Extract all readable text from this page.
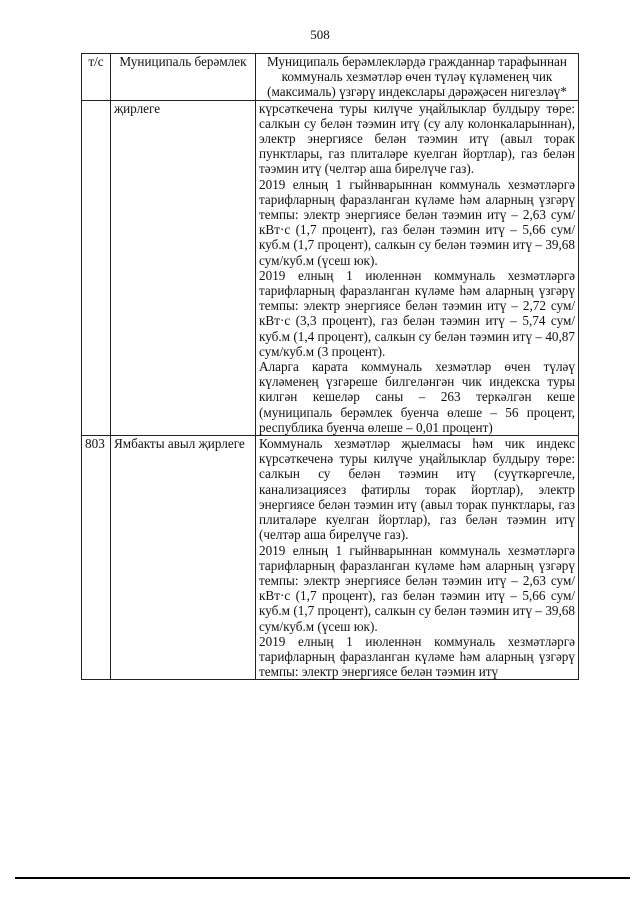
508
т/с	Муниципаль берәмлек	Муниципаль берәмлекләрдә гражданнар тарафыннан коммуналь хезмәтләр өчен түләү күләменең чик (максималь) үзгәрү индекслары дәрәҗәсен нигезләү*
	җирлеге	күрсәткечена туры килүче уңайлыклар булдыру төре: салкын су белән тәэмин итү (су алу колонкаларыннан), электр энергиясе белән тәэмин итү (авыл торак пунктлары, газ плиталәре куелган йортлар), газ белән тәэмин итү (челтәр аша бирелүче газ).

2019 елның 1 гыйнварыннан коммуналь хезмәтләргә тарифларның фаразланган күләме һәм аларның үзгәрү темпы: электр энергиясе белән тәэмин итү – 2,63 сум/кВт·с (1,7 процент), газ белән тәэмин итү – 5,66 сум/куб.м (1,7 процент), салкын су белән тәэмин итү – 39,68 сум/куб.м (үсеш юк).

2019 елның 1 июленнән коммуналь хезмәтләргә тарифларның фаразланган күләме һәм аларның үзгәрү темпы: электр энергиясе белән тәэмин итү – 2,72 сум/кВт·с (3,3 процент), газ белән тәэмин итү – 5,74 сум/куб.м (1,4 процент), салкын су белән тәэмин итү – 40,87 сум/куб.м (3 процент).

Аларга карата коммуналь хезмәтләр өчен түләү күләменең үзгәреше билгеләнгән чик индекска туры килгән кешеләр саны – 263 теркәлгән кеше (муниципаль берәмлек буенча өлеше – 56 процент, республика буенча өлеше – 0,01 процент)

803	Ямбакты авыл җирлеге	Коммуналь хезмәтләр җыелмасы һәм чик индекс күрсәткеченә туры килүче уңайлыклар булдыру төре: салкын су белән тәэмин итү (суүткәргечле, канализациясез фатирлы торак йортлар), электр энергиясе белән тәэмин итү (авыл торак пунктлары, газ плиталәре куелган йортлар), газ белән тәэмин итү (челтәр аша бирелүче газ).

2019 елның 1 гыйнварыннан коммуналь хезмәтләргә тарифларның фаразланган күләме һәм аларның үзгәрү темпы: электр энергиясе белән тәэмин итү – 2,63 сум/кВт·с (1,7 процент), газ белән тәэмин итү – 5,66 сум/куб.м (1,7 процент), салкын су белән тәэмин итү – 39,68 сум/куб.м (үсеш юк).

2019 елның 1 июленнән коммуналь хезмәтләргә тарифларның фаразланган күләме һәм аларның үзгәрү темпы: электр энергиясе белән тәэмин итү
